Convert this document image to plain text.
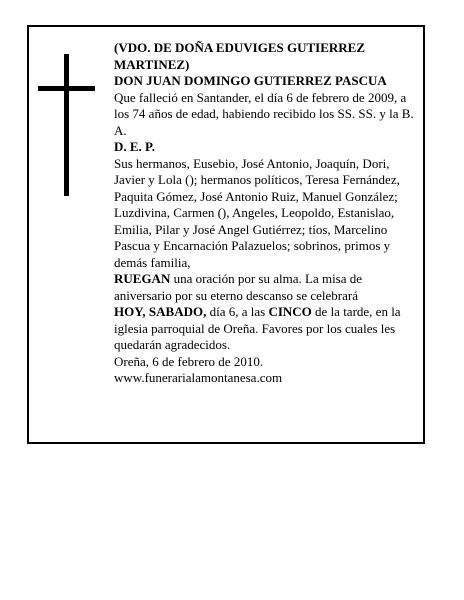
(VDO. DE DOÑA EDUVIGES GUTIERREZ MARTINEZ)
DON JUAN DOMINGO GUTIERREZ PASCUA
Que falleció en Santander, el día 6 de febrero de 2009, a los 74 años de edad, habiendo recibido los SS. SS. y la B. A.
D. E. P.
Sus hermanos, Eusebio, José Antonio, Joaquín, Dori, Javier y Lola (); hermanos políticos, Teresa Fernández, Paquita Gómez, José Antonio Ruiz, Manuel González; Luzdivina, Carmen (), Angeles, Leopoldo, Estanislao, Emilia, Pilar y José Angel Gutiérrez; tíos, Marcelino Pascua y Encarnación Palazuelos; sobrinos, primos y demás familia,
RUEGAN una oración por su alma. La misa de aniversario por su eterno descanso se celebrará
HOY, SABADO, día 6, a las CINCO de la tarde, en la iglesia parroquial de Oreña. Favores por los cuales les quedarán agradecidos.
Oreña, 6 de febrero de 2010.
www.funerarialamontanesa.com
